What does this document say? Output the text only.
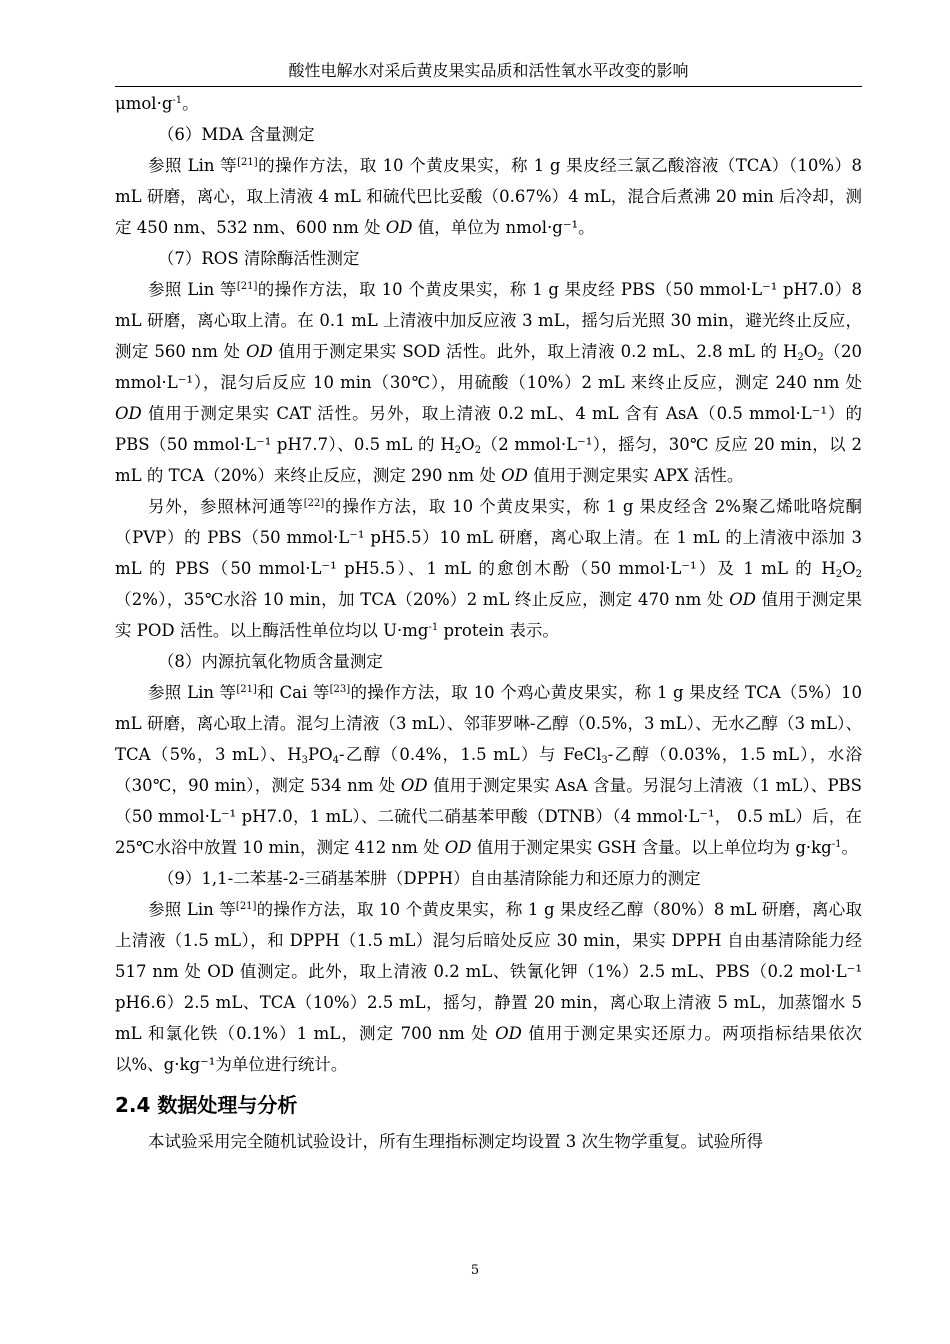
酸性电解水对采后黄皮果实品质和活性氧水平改变的影响

$\mu mol\cdot g^{-1}$。

（6）MDA 含量测定

参照 Lin 等[21]的操作方法，取 10 个黄皮果实，称 1 g 果皮经三氯乙酸溶液（TCA）（10%）8 mL 研磨，离心，取上清液 4 mL 和硫代巴比妥酸（0.67%）4 mL，混合后煮沸 20 min 后冷却，测定 450 nm、532 nm、600 nm 处 OD 值，单位为 nmol·g⁻¹。

（7）ROS 清除酶活性测定

参照 Lin 等[21]的操作方法，取 10 个黄皮果实，称 1 g 果皮经 PBS（50 mmol·L⁻¹ pH7.0）8 mL 研磨，离心取上清。在 0.1 mL 上清液中加反应液 3 mL，摇匀后光照 30 min，避光终止反应，测定 560 nm 处 OD 值用于测定果实 SOD 活性。此外，取上清液 0.2 mL、2.8 mL 的 $H_2O_2(20$ mmol·L⁻¹），混匀后反应 10 min（30℃），用硫酸（10%）2 mL 来终止反应，测定 240 nm 处 OD 值用于测定果实 CAT 活性。另外，取上清液 0.2 mL、4 mL 含有 AsA（0.5 mmol·L⁻¹）的 PBS（50 mmol·L⁻¹ pH7.7）、0.5 mL 的 $H_2O_2(2$ mmol·L⁻¹），摇匀，30℃ 反应 20 min，以 2 mL 的 TCA（20%）来终止反应，测定 290 nm 处 OD 值用于测定果实 APX 活性。

另外，参照林河通等[22]的操作方法，取 10 个黄皮果实，称 1 g 果皮经含 2%聚乙烯吡咯烷酮（PVP）的 PBS（50 mmol·L⁻¹ pH5.5）10 mL 研磨，离心取上清。在 1 mL 的上清液中添加 3 mL 的 PBS（50 mmol·L⁻¹ pH5.5）、1 mL 的愈创木酚（50 mmol·L⁻¹）及 1 mL 的 $H_2O_2(2\%)$，35℃水浴 10 min，加 TCA（20%）2 mL 终止反应，测定 470 nm 处 OD 值用于测定果实 POD 活性。以上酶活性单位均以 $U\cdot mg^{-1}$ protein 表示。

（8）内源抗氧化物质含量测定

参照 Lin 等[21]和 Cai 等[23]的操作方法，取 10 个鸡心黄皮果实，称 1 g 果皮经 TCA（5%）10 mL 研磨，离心取上清。混匀上清液（3 mL）、邻菲罗啉-乙醇（0.5%，3 mL）、无水乙醇（3 mL）、TCA（5%，3 mL）、$H_3PO_4-$乙醇（0.4%，1.5 mL）与 FeCl$_3$-乙醇（0.03%，1.5 mL），水浴（30℃，90 min），测定 534 nm 处 OD 值用于测定果实 AsA 含量。另混匀上清液（1 mL）、PBS（50 mmol·L⁻¹ pH7.0，1 mL）、二硫代二硝基苯甲酸（DTNB）（4 mmol·L⁻¹， 0.5 mL）后，在 25℃水浴中放置 10 min，测定 412 nm 处 OD 值用于测定果实 GSH 含量。以上单位均为 $g\cdot kg^{-1}$。

（9）1,1-二苯基-2-三硝基苯肼（DPPH）自由基清除能力和还原力的测定

参照 Lin 等[21]的操作方法，取 10 个黄皮果实，称 1 g 果皮经乙醇（80%）8 mL 研磨，离心取上清液（1.5 mL），和 DPPH（1.5 mL）混匀后暗处反应 30 min，果实 DPPH 自由基清除能力经 517 nm 处 OD 值测定。此外，取上清液 0.2 mL、铁氰化钾（1%）2.5 mL、PBS（0.2 mol·L⁻¹ pH6.6）2.5 mL、TCA（10%）2.5 mL，摇匀，静置 20 min，离心取上清液 5 mL，加蒸馏水 5 mL 和氯化铁（0.1%）1 mL，测定 700 nm 处 OD 值用于测定果实还原力。两项指标结果依次以%、g·kg⁻¹为单位进行统计。

2.4 数据处理与分析

本试验采用完全随机试验设计，所有生理指标测定均设置 3 次生物学重复。试验所得

5
